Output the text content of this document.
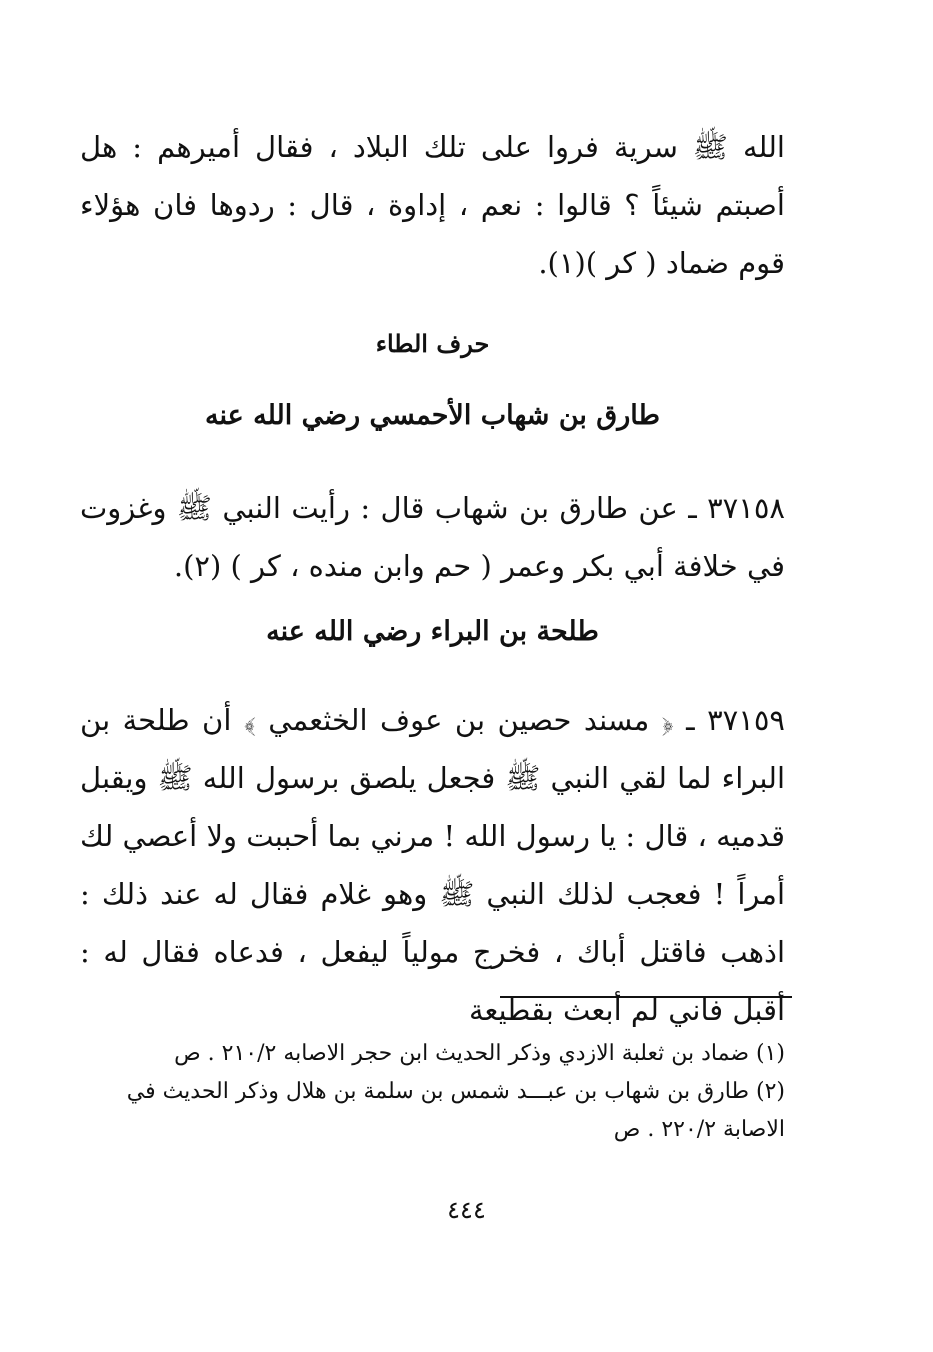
الله ﷺ سرية فروا على تلك البلاد ، فقال أميرهم : هل أصبتم شيئاً ؟ قالوا : نعم ، إداوة ، قال : ردوها فان هؤلاء قوم ضماد ( كر )(١).

حرف الطاء
طارق بن شهاب الأحمسي رضي الله عنه

٣٧١٥٨ ـ عن طارق بن شهاب قال : رأيت النبي ﷺ وغزوت في خلافة أبي بكر وعمر ( حم وابن منده ، كر ) (٢).

طلحة بن البراء رضي الله عنه

٣٧١٥٩ ـ ﴿ مسند حصين بن عوف الخثعمي ﴾ أن طلحة بن البراء لما لقي النبي ﷺ فجعل يلصق برسول الله ﷺ ويقبل قدميه ، قال : يا رسول الله ! مرني بما أحببت ولا أعصي لك أمراً ! فعجب لذلك النبي ﷺ وهو غلام فقال له عند ذلك : اذهب فاقتل أباك ، فخرج مولياً ليفعل ، فدعاه فقال له : أقبل فاني لم أبعث بقطيعة

(١) ضماد بن ثعلبة الازدي وذكر الحديث ابن حجر الاصابه ٢١٠/٢ . ص
(٢) طارق بن شهاب بن عبـــد شمس بن سلمة بن هلال وذكر الحديث في الاصابة ٢٢٠/٢ . ص
٤٤٤
